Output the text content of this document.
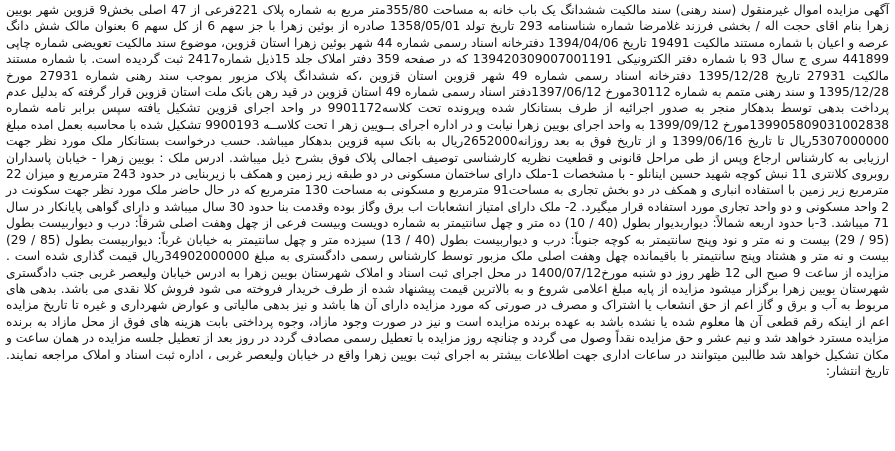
آگهی مزایده اموال غیرمنقول (سند رهنی) سند مالکیت ششدانگ یک باب خانه به مساحت 355/80متر مربع به شماره پلاک 221فرعی از 47 اصلی بخش9 قزوین شهر بویین زهرا بنام اقای حجت اله / بخشی فرزند غلامرضا شماره شناسنامه 293 تاریخ تولد 1358/05/01 صادره از بوئین زهرا با جز سهم 6 از کل سهم 6 بعنوان مالک شش دانگ عرصه و اعیان با شماره مستند مالکیت 19491 تاریخ 1394/04/06 دفترخانه اسناد رسمی شماره 44 شهر بوئین زهرا استان قزوین، موضوع سند مالکیت تعویضی شماره چاپی 441899 سری ج سال 93 با شماره دفتر الکترونیکی 139420309007001191 که در صفحه 359 دفتر املاک جلد 15ذیل شماره2417 ثبت گردیده است. با شماره مستند مالکیت 27931 تاریخ 1395/12/28 دفترخانه اسناد رسمی شماره 49 شهر قزوین استان قزوین ،که ششدانگ پلاک مزبور بموجب سند رهنی شماره 27931 مورخ 1395/12/28 و سند رهنی متمم به شماره 30112مورخ 1397/06/12دفتر اسناد رسمی شماره 49 استان قزوین در قید رهن بانک ملت استان قزوین قرار گرفته که بدلیل عدم پرداخت بدهی توسط بدهکار منجر به صدور اجرائیه از طرف بستانکار شده وپرونده تحت کلاسه9901172 در واحد اجرای قزوین تشکیل یافته سپس برابر نامه شماره 139905809031002838مورخ 1399/09/12 به واحد اجرای بویین زهرا نیابت و در اداره اجرای بــویین زهر ا تحت کلاســه 9900193 تشکیل شده با محاسبه بعمل امده مبلغ 5307000000ریال تا تاریخ 1399/06/16 و از تاریخ فوق به بعد روزانه2652000ریال به بانک سپه قزوین بدهکار میباشد. حسب درخواست بستانکار ملک مورد نظر جهت ارزیابی به کارشناس ارجاع وپس از طی مراحل قانونی و قطعیت نظریه کارشناسی توصیف اجمالی پلاک فوق بشرح ذیل میباشد. ادرس ملک : بویین زهرا - خیابان پاسداران روبروی کلانتری 11 نبش کوچه شهید حسین اینانلو - با مشخصات 1-ملک دارای ساختمان مسکونی در دو طبقه زیر زمین و همکف با زیربنایی در حدود 243 مترمربع و میزان 22 مترمربع زیر زمین با استفاده انباری و همکف در دو بخش تجاری به مساحت91 مترمربع و مسکونی به مساحت 130 مترمربع که در حال حاضر ملک مورد نظر جهت سکونت در 2 واحد مسکونی و دو واحد تجاری مورد استفاده قرار میگیرد. 2- ملک دارای امتیاز انشعابات اب برق وگاز بوده وقدمت بنا حدود 30 سال میباشد و دارای گواهی پایانکار در سال 71 میباشد. 3-با حدود اربعه شمالاً: دیواربدیوار بطول (40 / 10) ده متر و چهل سانتیمتر به شماره دویست وبیست فرعی از چهل وهفت اصلی شرقاً: درب و دیواربیست بطول (95 / 29) بیست و نه متر و نود وپنج سانتیمتر به کوچه جنوباً: درب و دیواربیست بطول (40 / 13) سیزده متر و چهل سانتیمتر به خیابان غرباً: دیواربیست بطول (85 / 29) بیست و نه متر و هشتاد وپنج سانتیمتر با باقیمانده چهل وهفت اصلی ملک مزبور توسط کارشناس رسمی دادگستری به مبلغ 34902000000ریال قیمت گذاری شده است . مزایده از ساعت 9 صبح الی 12 ظهر روز دو شنبه مورخ1400/07/12 در محل اجرای ثبت اسناد و املاک شهرستان بویین زهرا به ادرس خیابان ولیعصر غربی جنب دادگستری شهرستان بویین زهرا برگزار میشود مزایده از پایه مبلغ اعلامی شروع و به بالاترین قیمت پیشنهاد شده از طرف خریدار فروخته می شود فروش کلا نقدی می باشد. بدهی های مربوط به آب و برق و گاز اعم از حق انشعاب یا اشتراک و مصرف در صورتی که مورد مزایده دارای آن ها باشد و نیز بدهی مالیاتی و عوارض شهرداری و غیره تا تاریخ مزایده اعم از اینکه رقم قطعی آن ها معلوم شده یا نشده باشد به عهده برنده مزایده است و نیز در صورت وجود مازاد، وجوه پرداختی بابت هزینه های فوق از محل مازاد به برنده مزایده مسترد خواهد شد و نیم عشر و حق مزایده نقداً وصول می گردد و چنانچه روز مزایده با تعطیل رسمی مصادف گردد در روز بعد از تعطیل جلسه مزایده در همان ساعت و مکان تشکیل خواهد شد طالبین میتوانند در ساعات اداری جهت اطلاعات بیشتر به اجرای ثبت بویین زهرا واقع در خیابان ولیعصر غربی ، اداره ثبت اسناد و املاک مراجعه نمایند. تاریخ انتشار:
